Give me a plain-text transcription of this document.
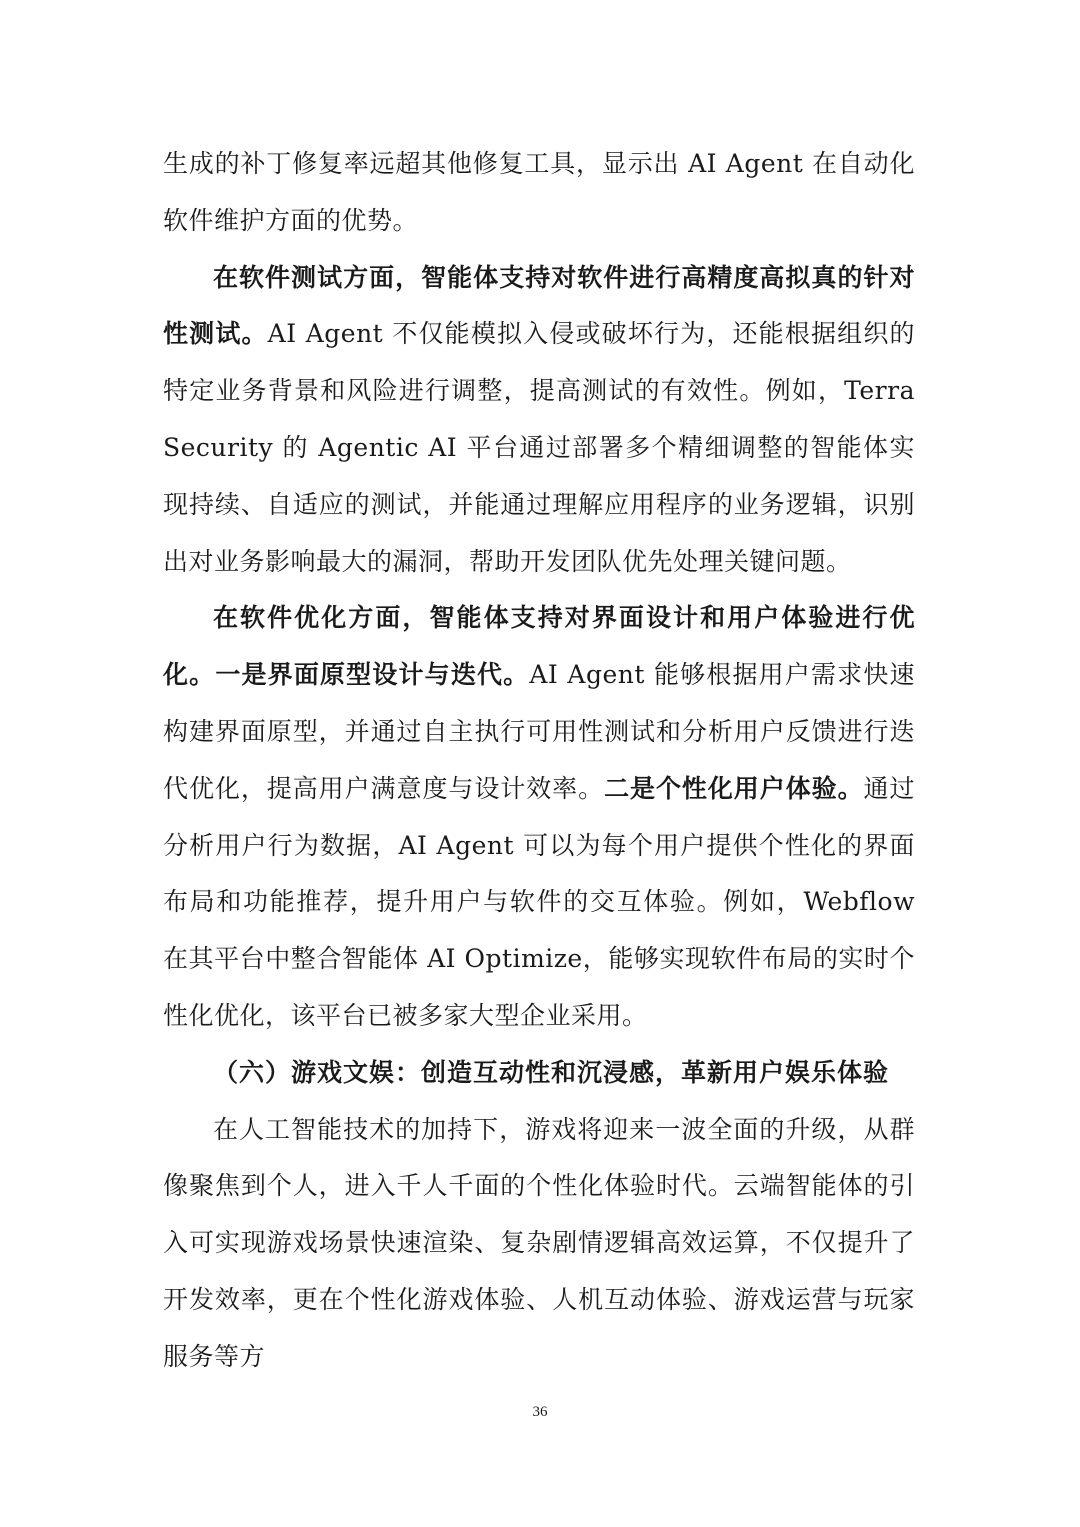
生成的补丁修复率远超其他修复工具，显示出 AI Agent 在自动化软件维护方面的优势。

在软件测试方面，智能体支持对软件进行高精度高拟真的针对性测试。AI Agent 不仅能模拟入侵或破坏行为，还能根据组织的特定业务背景和风险进行调整，提高测试的有效性。例如，Terra Security 的 Agentic AI 平台通过部署多个精细调整的智能体实现持续、自适应的测试，并能通过理解应用程序的业务逻辑，识别出对业务影响最大的漏洞，帮助开发团队优先处理关键问题。

在软件优化方面，智能体支持对界面设计和用户体验进行优化。一是界面原型设计与迭代。AI Agent 能够根据用户需求快速构建界面原型，并通过自主执行可用性测试和分析用户反馈进行迭代优化，提高用户满意度与设计效率。二是个性化用户体验。通过分析用户行为数据，AI Agent 可以为每个用户提供个性化的界面布局和功能推荐，提升用户与软件的交互体验。例如，Webflow 在其平台中整合智能体 AI Optimize，能够实现软件布局的实时个性化优化，该平台已被多家大型企业采用。

（六）游戏文娱：创造互动性和沉浸感，革新用户娱乐体验

在人工智能技术的加持下，游戏将迎来一波全面的升级，从群像聚焦到个人，进入千人千面的个性化体验时代。云端智能体的引入可实现游戏场景快速渲染、复杂剧情逻辑高效运算，不仅提升了开发效率，更在个性化游戏体验、人机互动体验、游戏运营与玩家服务等方

36
